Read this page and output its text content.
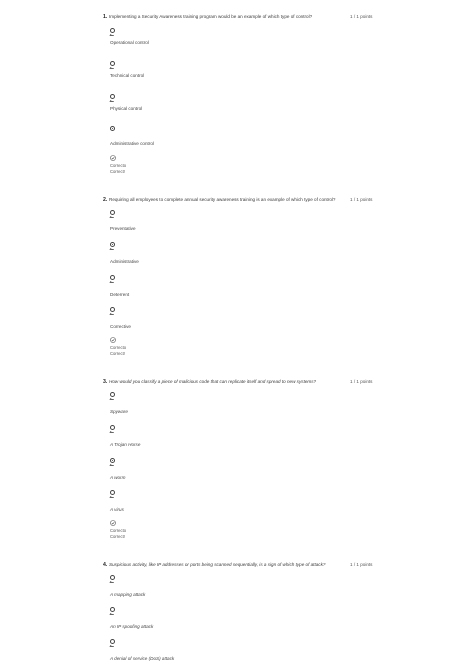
1. Implementing a Security Awareness training program would be an example of which type of control?	1 / 1 points
Operational control
Technical control
Physical control
Administrative control
Correcto
Correct!
2. Requiring all employees to complete annual security awareness training is an example of which type of control?	1 / 1 points
Preventative
Administrative
Deterrent
Corrective
Correcto
Correct!
3. How would you classify a piece of malicious code that can replicate itself and spread to new systems?	1 / 1 points
Spyware
A Trojan Horse
A worm
A virus
Correcto
Correct!
4. Suspicious activity, like IP addresses or ports being scanned sequentially, is a sign of which type of attack?	1 / 1 points
A mapping attack
An IP spoofing attack
A denial of service (DoS) attack
